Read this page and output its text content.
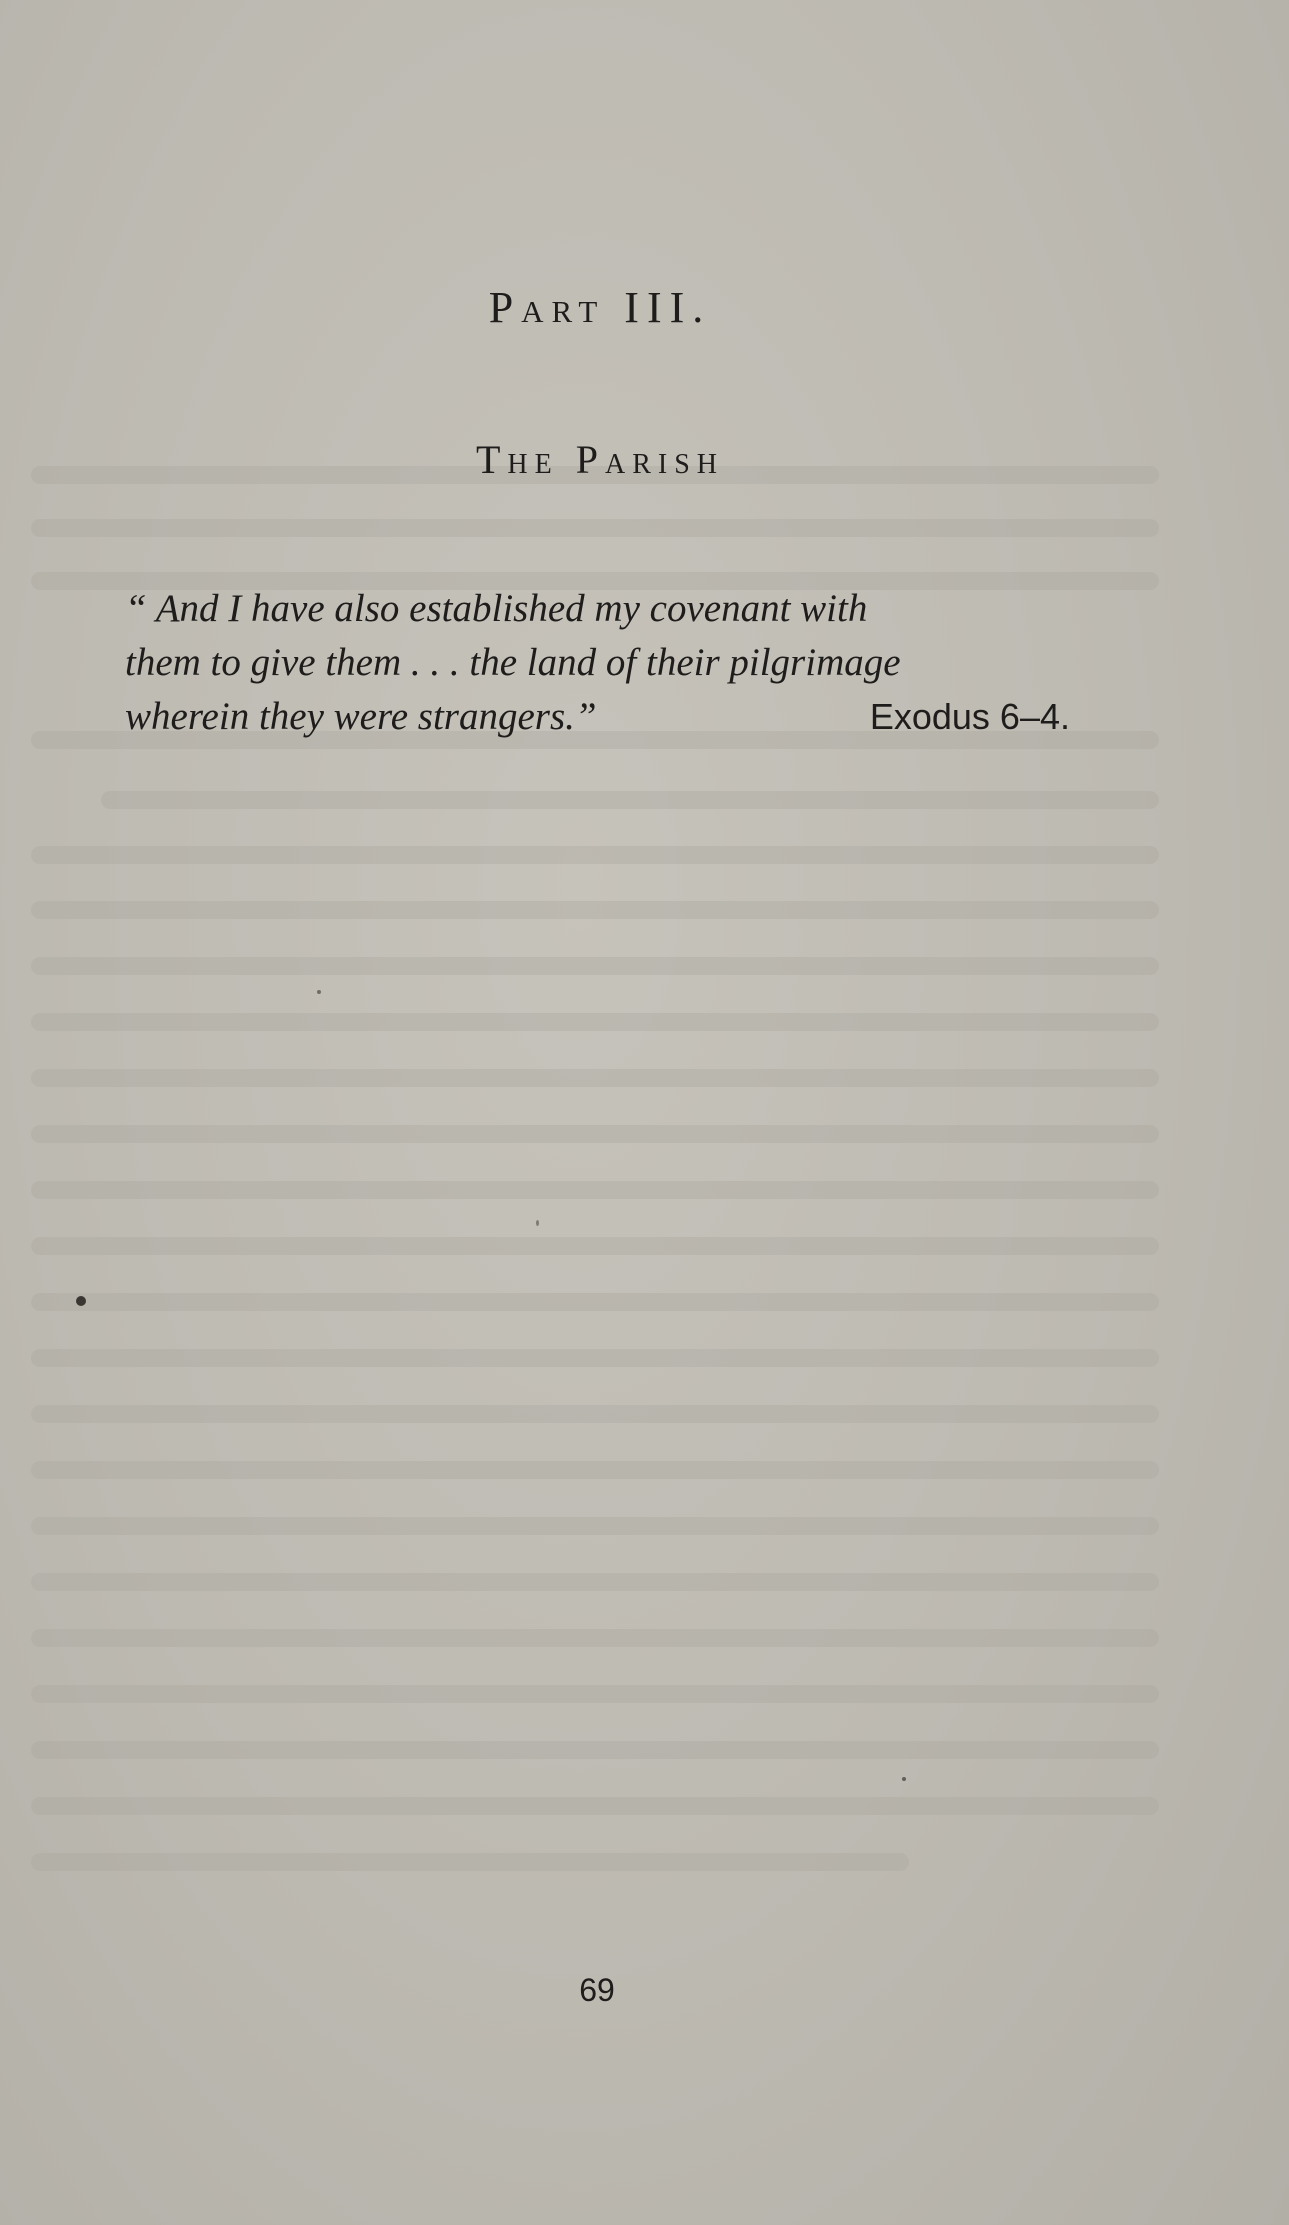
Part III.
The Parish
“ And I have also established my covenant with
them to give them . . . the land of their pilgrimage
wherein they were strangers.”	Exodus 6–4.
69
